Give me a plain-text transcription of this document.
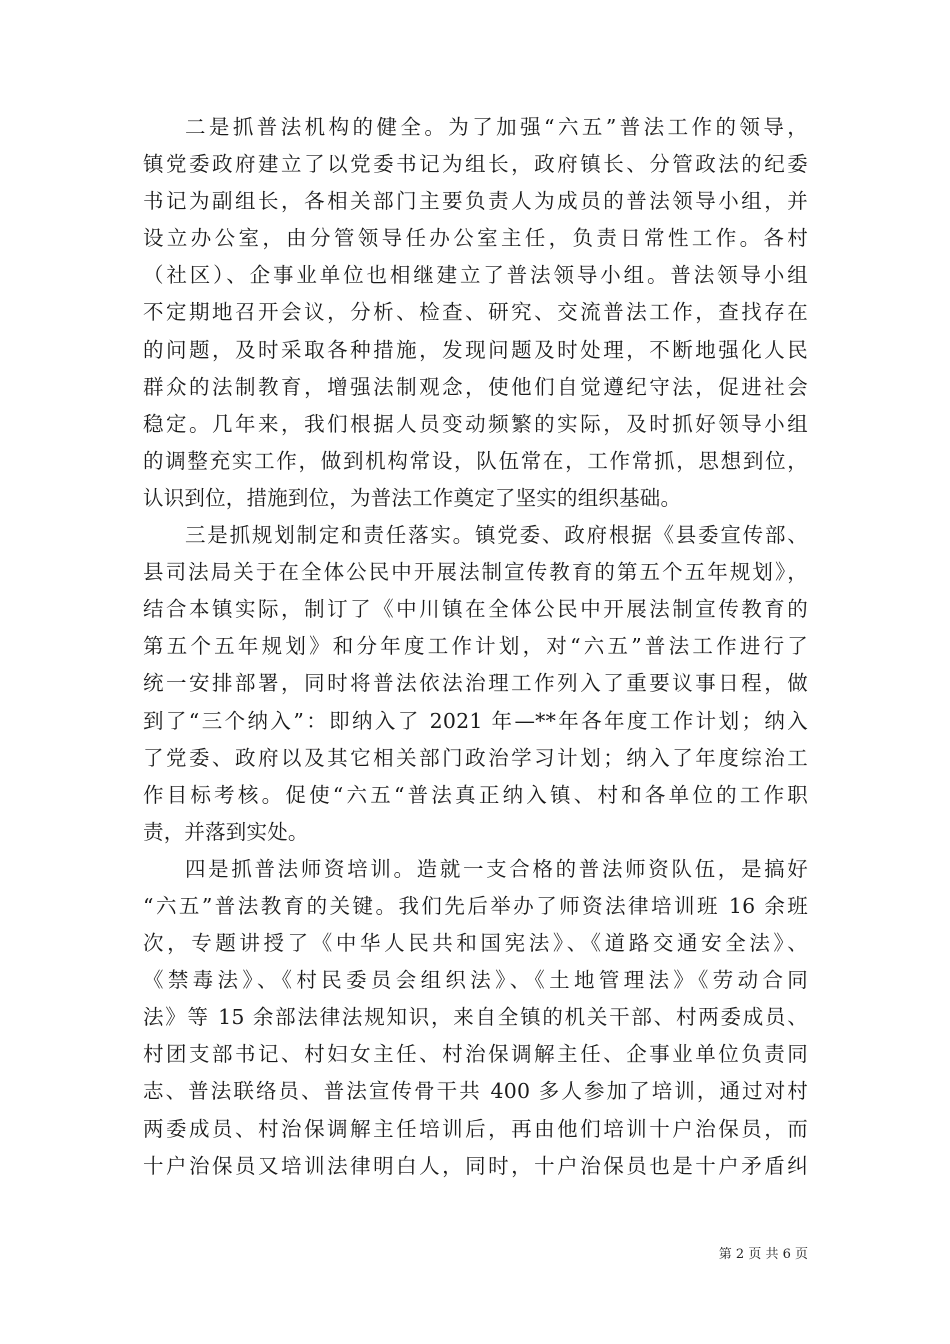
二是抓普法机构的健全。为了加强“六五”普法工作的领导，
镇党委政府建立了以党委书记为组长，政府镇长、分管政法的纪委
书记为副组长，各相关部门主要负责人为成员的普法领导小组，并
设立办公室，由分管领导任办公室主任，负责日常性工作。各村
（社区）、企事业单位也相继建立了普法领导小组。普法领导小组
不定期地召开会议，分析、检查、研究、交流普法工作，查找存在
的问题，及时采取各种措施，发现问题及时处理，不断地强化人民
群众的法制教育，增强法制观念，使他们自觉遵纪守法，促进社会
稳定。几年来，我们根据人员变动频繁的实际，及时抓好领导小组
的调整充实工作，做到机构常设，队伍常在，工作常抓，思想到位，
认识到位，措施到位，为普法工作奠定了坚实的组织基础。
三是抓规划制定和责任落实。镇党委、政府根据《县委宣传部、
县司法局关于在全体公民中开展法制宣传教育的第五个五年规划》，
结合本镇实际，制订了《中川镇在全体公民中开展法制宣传教育的
第五个五年规划》和分年度工作计划，对“六五”普法工作进行了
统一安排部署，同时将普法依法治理工作列入了重要议事日程，做
到了“三个纳入”：即纳入了 2021 年—**年各年度工作计划；纳入
了党委、政府以及其它相关部门政治学习计划；纳入了年度综治工
作目标考核。促使“六五“普法真正纳入镇、村和各单位的工作职
责，并落到实处。
四是抓普法师资培训。造就一支合格的普法师资队伍，是搞好
“六五”普法教育的关键。我们先后举办了师资法律培训班 16 余班
次，专题讲授了《中华人民共和国宪法》、《道路交通安全法》、
《禁毒法》、《村民委员会组织法》、《土地管理法》《劳动合同
法》等 15 余部法律法规知识，来自全镇的机关干部、村两委成员、
村团支部书记、村妇女主任、村治保调解主任、企事业单位负责同
志、普法联络员、普法宣传骨干共 400 多人参加了培训，通过对村
两委成员、村治保调解主任培训后，再由他们培训十户治保员，而
十户治保员又培训法律明白人，同时，十户治保员也是十户矛盾纠
第 2 页 共 6 页
